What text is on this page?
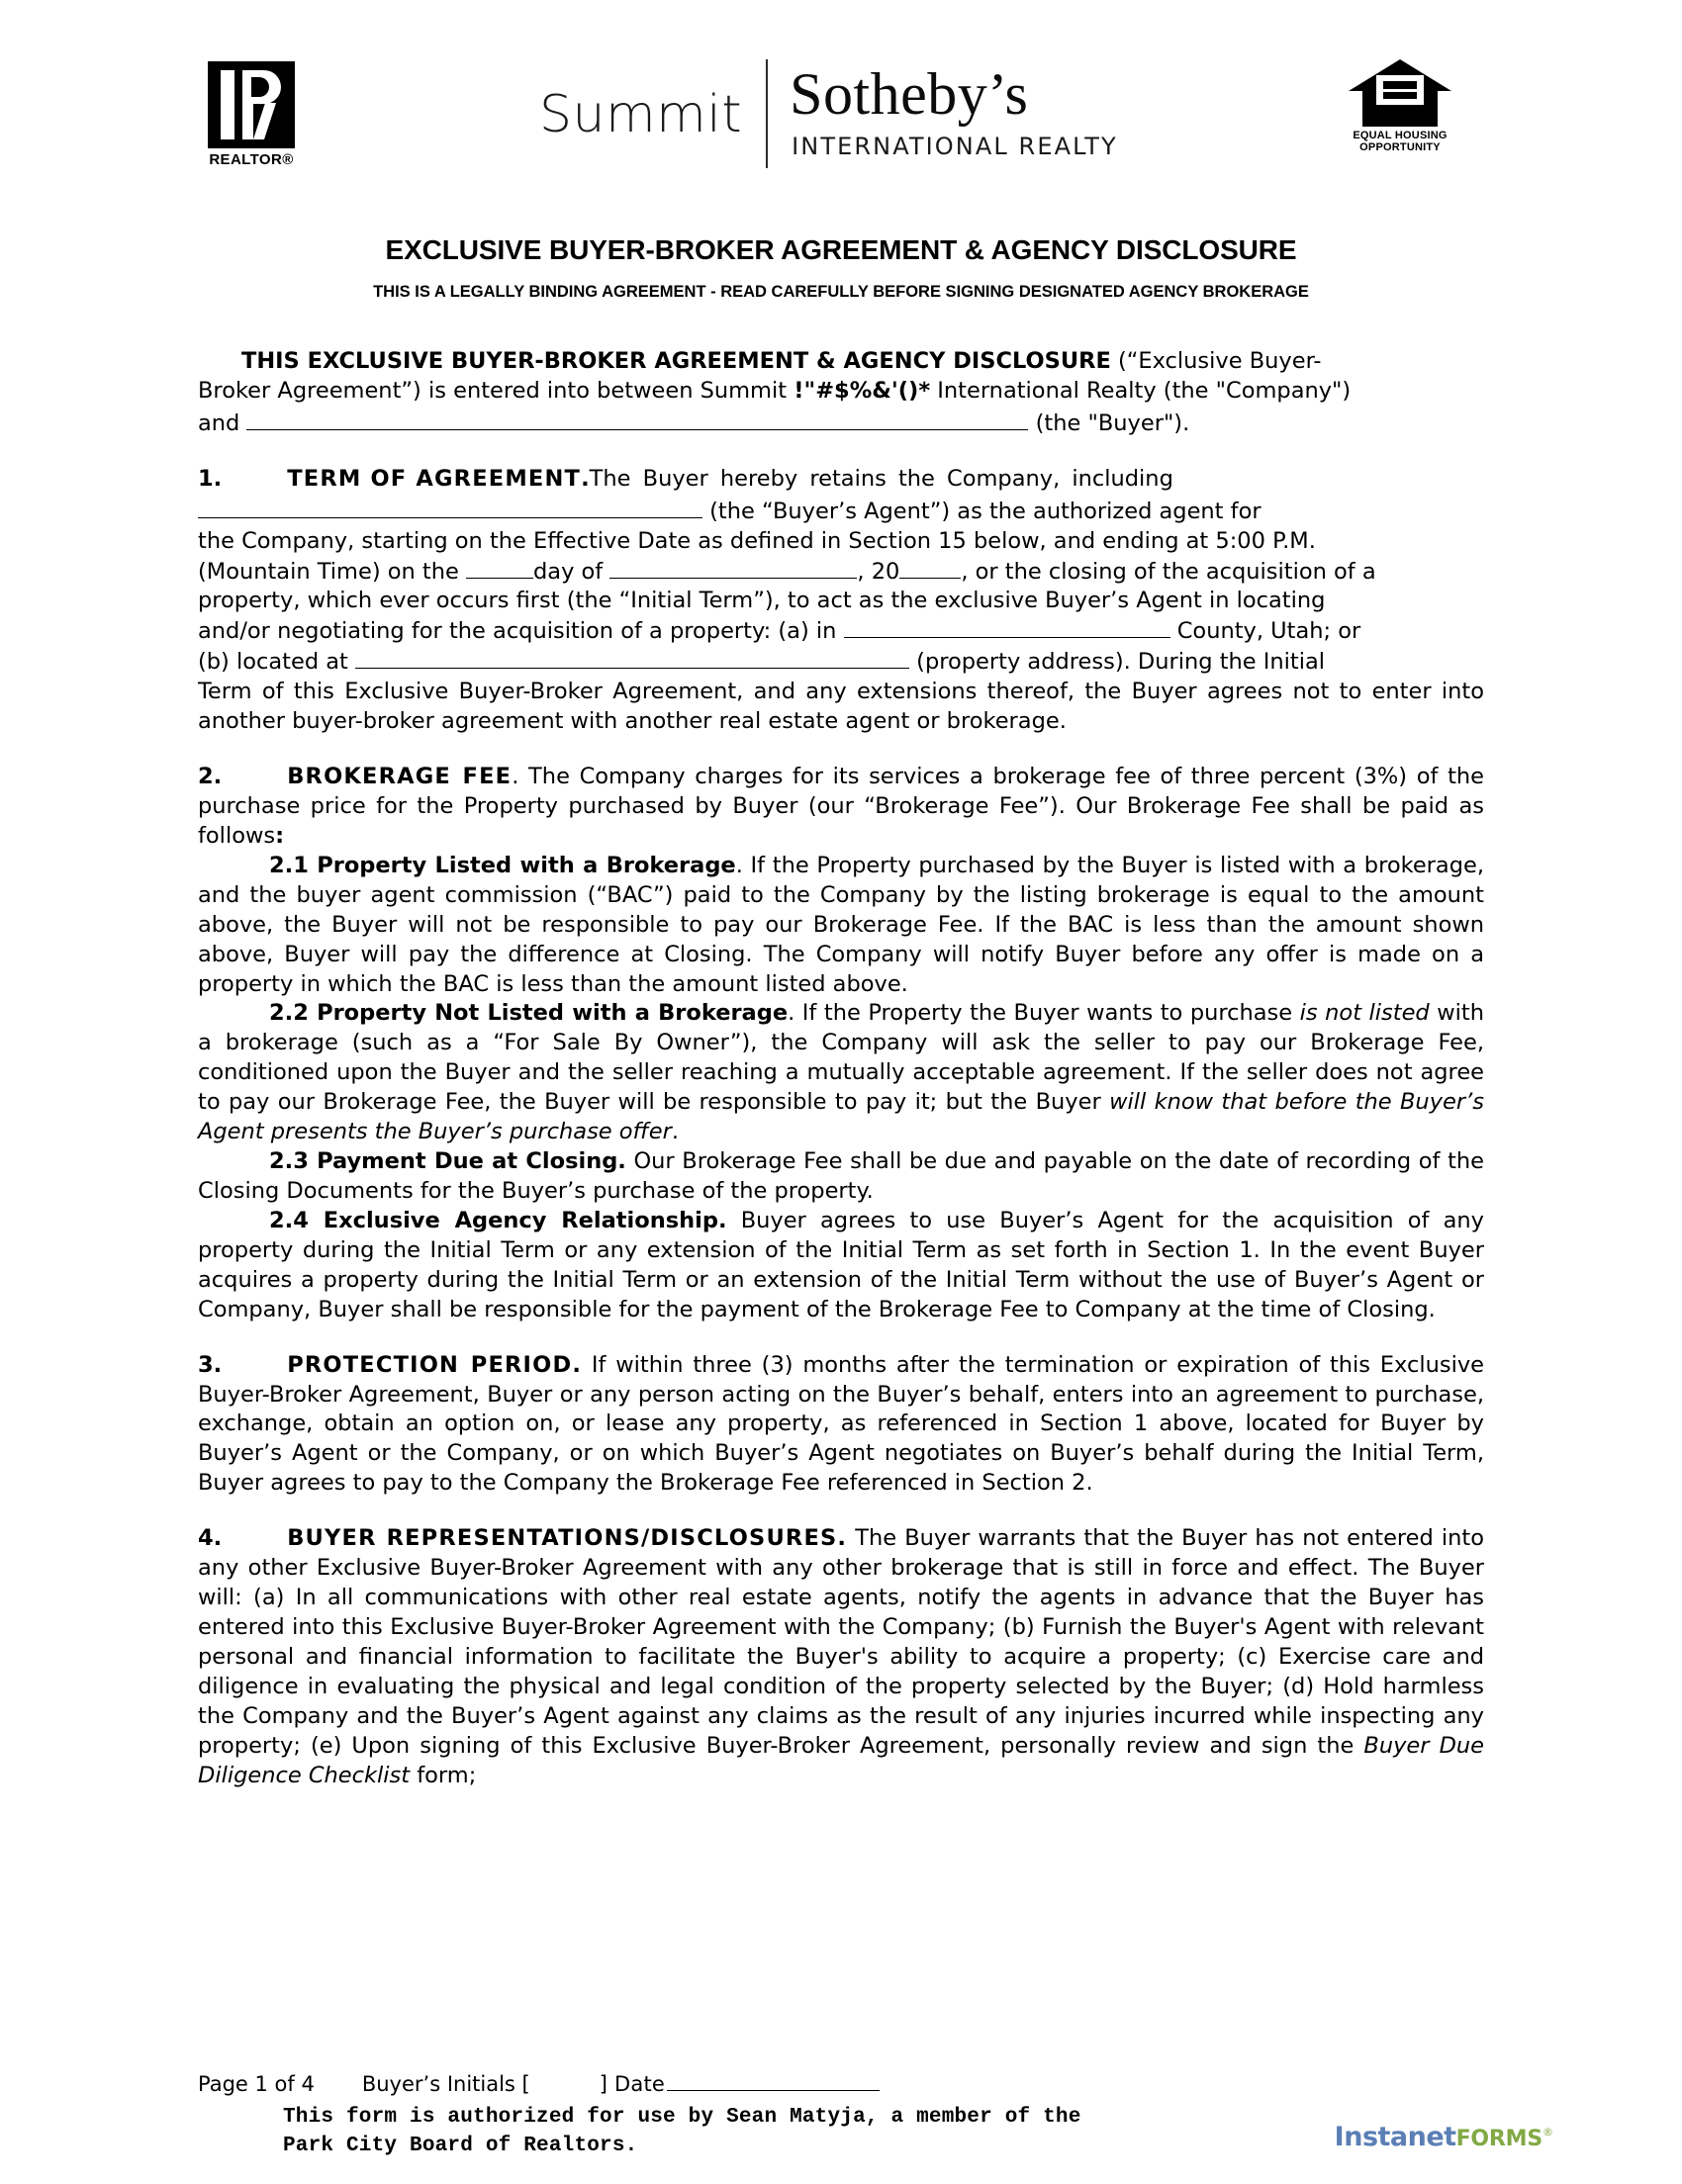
REALTOR®
Summit Sotheby’s
INTERNATIONAL REALTY	EQUAL HOUSING
OPPORTUNITY
EXCLUSIVE BUYER-BROKER AGREEMENT & AGENCY DISCLOSURE
THIS IS A LEGALLY BINDING AGREEMENT - READ CAREFULLY BEFORE SIGNING DESIGNATED AGENCY BROKERAGE

THIS EXCLUSIVE BUYER-BROKER AGREEMENT & AGENCY DISCLOSURE (“Exclusive Buyer-

Broker Agreement”) is entered into between Summit !"#$%&'()* International Realty (the "Company")

and	(the "Buyer").

1.	TERM OF AGREEMENT.The Buyer hereby retains the Company, including

(the “Buyer’s Agent”) as the authorized agent for

the Company, starting on the Effective Date as defined in Section 15 below, and ending at 5:00 P.M.

(Mountain Time) on the	day of	, 20	, or the closing of the acquisition of a

property, which ever occurs first (the “Initial Term”), to act as the exclusive Buyer’s Agent in locating

and/or negotiating for the acquisition of a property: (a) in	County, Utah; or

(b) located at	(property address). During the Initial

Term of this Exclusive Buyer-Broker Agreement, and any extensions thereof, the Buyer agrees not to enter into another buyer-broker agreement with another real estate agent or brokerage.

2.	BROKERAGE FEE. The Company charges for its services a brokerage fee of three percent (3%) of the purchase price for the Property purchased by Buyer (our “Brokerage Fee”). Our Brokerage Fee shall be paid as follows:

2.1 Property Listed with a Brokerage. If the Property purchased by the Buyer is listed with a brokerage, and the buyer agent commission (“BAC”) paid to the Company by the listing brokerage is equal to the amount above, the Buyer will not be responsible to pay our Brokerage Fee. If the BAC is less than the amount shown above, Buyer will pay the difference at Closing. The Company will notify Buyer before any offer is made on a property in which the BAC is less than the amount listed above.

2.2 Property Not Listed with a Brokerage. If the Property the Buyer wants to purchase is not listed with a brokerage (such as a “For Sale By Owner”), the Company will ask the seller to pay our Brokerage Fee, conditioned upon the Buyer and the seller reaching a mutually acceptable agreement. If the seller does not agree to pay our Brokerage Fee, the Buyer will be responsible to pay it; but the Buyer will know that before the Buyer’s Agent presents the Buyer’s purchase offer.

2.3 Payment Due at Closing. Our Brokerage Fee shall be due and payable on the date of recording of the Closing Documents for the Buyer’s purchase of the property.

2.4 Exclusive Agency Relationship. Buyer agrees to use Buyer’s Agent for the acquisition of any property during the Initial Term or any extension of the Initial Term as set forth in Section 1. In the event Buyer acquires a property during the Initial Term or an extension of the Initial Term without the use of Buyer’s Agent or Company, Buyer shall be responsible for the payment of the Brokerage Fee to Company at the time of Closing.

3.	PROTECTION PERIOD. If within three (3) months after the termination or expiration of this Exclusive Buyer-Broker Agreement, Buyer or any person acting on the Buyer’s behalf, enters into an agreement to purchase, exchange, obtain an option on, or lease any property, as referenced in Section 1 above, located for Buyer by Buyer’s Agent or the Company, or on which Buyer’s Agent negotiates on Buyer’s behalf during the Initial Term, Buyer agrees to pay to the Company the Brokerage Fee referenced in Section 2.

4.	BUYER REPRESENTATIONS/DISCLOSURES. The Buyer warrants that the Buyer has not entered into any other Exclusive Buyer-Broker Agreement with any other brokerage that is still in force and effect. The Buyer will: (a) In all communications with other real estate agents, notify the agents in advance that the Buyer has entered into this Exclusive Buyer-Broker Agreement with the Company; (b) Furnish the Buyer's Agent with relevant personal and financial information to facilitate the Buyer's ability to acquire a property; (c) Exercise care and diligence in evaluating the physical and legal condition of the property selected by the Buyer; (d) Hold harmless the Company and the Buyer’s Agent against any claims as the result of any injuries incurred while inspecting any property; (e) Upon signing of this Exclusive Buyer-Broker Agreement, personally review and sign the Buyer Due Diligence Checklist form;

Page 1 of 4 Buyer’s Initials [	] Date
This form is authorized for use by Sean Matyja, a member of the
Park City Board of Realtors.	InstanetFORMS®
